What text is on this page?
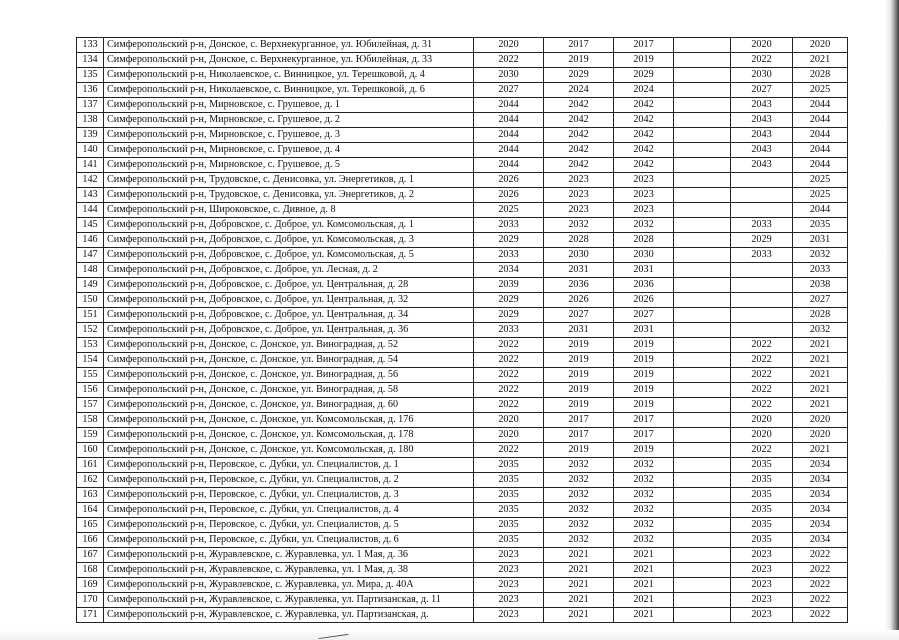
133	Симферопольский р-н, Донское, с. Верхнекурганное, ул. Юбилейная, д. 31	2020	2017	2017		2020	2020
134	Симферопольский р-н, Донское, с. Верхнекурганное, ул. Юбилейная, д. 33	2022	2019	2019		2022	2021
135	Симферопольский р-н, Николаевское, с. Винницкое, ул. Терешковой, д. 4	2030	2029	2029		2030	2028
136	Симферопольский р-н, Николаевское, с. Винницкое, ул. Терешковой, д. 6	2027	2024	2024		2027	2025
137	Симферопольский р-н, Мирновское, с. Грушевое, д. 1	2044	2042	2042		2043	2044
138	Симферопольский р-н, Мирновское, с. Грушевое, д. 2	2044	2042	2042		2043	2044
139	Симферопольский р-н, Мирновское, с. Грушевое, д. 3	2044	2042	2042		2043	2044
140	Симферопольский р-н, Мирновское, с. Грушевое, д. 4	2044	2042	2042		2043	2044
141	Симферопольский р-н, Мирновское, с. Грушевое, д. 5	2044	2042	2042		2043	2044
142	Симферопольский р-н, Трудовское, с. Денисовка, ул. Энергетиков, д. 1	2026	2023	2023			2025
143	Симферопольский р-н, Трудовское, с. Денисовка, ул. Энергетиков, д. 2	2026	2023	2023			2025
144	Симферопольский р-н, Широковское, с. Дивное, д. 8	2025	2023	2023			2044
145	Симферопольский р-н, Добровское, с. Доброе, ул. Комсомольская, д. 1	2033	2032	2032		2033	2035
146	Симферопольский р-н, Добровское, с. Доброе, ул. Комсомольская, д. 3	2029	2028	2028		2029	2031
147	Симферопольский р-н, Добровское, с. Доброе, ул. Комсомольская, д. 5	2033	2030	2030		2033	2032
148	Симферопольский р-н, Добровское, с. Доброе, ул. Лесная, д. 2	2034	2031	2031			2033
149	Симферопольский р-н, Добровское, с. Доброе, ул. Центральная, д. 28	2039	2036	2036			2038
150	Симферопольский р-н, Добровское, с. Доброе, ул. Центральная, д. 32	2029	2026	2026			2027
151	Симферопольский р-н, Добровское, с. Доброе, ул. Центральная, д. 34	2029	2027	2027			2028
152	Симферопольский р-н, Добровское, с. Доброе, ул. Центральная, д. 36	2033	2031	2031			2032
153	Симферопольский р-н, Донское, с. Донское, ул. Виноградная, д. 52	2022	2019	2019		2022	2021
154	Симферопольский р-н, Донское, с. Донское, ул. Виноградная, д. 54	2022	2019	2019		2022	2021
155	Симферопольский р-н, Донское, с. Донское, ул. Виноградная, д. 56	2022	2019	2019		2022	2021
156	Симферопольский р-н, Донское, с. Донское, ул. Виноградная, д. 58	2022	2019	2019		2022	2021
157	Симферопольский р-н, Донское, с. Донское, ул. Виноградная, д. 60	2022	2019	2019		2022	2021
158	Симферопольский р-н, Донское, с. Донское, ул. Комсомольская, д. 176	2020	2017	2017		2020	2020
159	Симферопольский р-н, Донское, с. Донское, ул. Комсомольская, д. 178	2020	2017	2017		2020	2020
160	Симферопольский р-н, Донское, с. Донское, ул. Комсомольская, д. 180	2022	2019	2019		2022	2021
161	Симферопольский р-н, Перовское, с. Дубки, ул. Специалистов, д. 1	2035	2032	2032		2035	2034
162	Симферопольский р-н, Перовское, с. Дубки, ул. Специалистов, д. 2	2035	2032	2032		2035	2034
163	Симферопольский р-н, Перовское, с. Дубки, ул. Специалистов, д. 3	2035	2032	2032		2035	2034
164	Симферопольский р-н, Перовское, с. Дубки, ул. Специалистов, д. 4	2035	2032	2032		2035	2034
165	Симферопольский р-н, Перовское, с. Дубки, ул. Специалистов, д. 5	2035	2032	2032		2035	2034
166	Симферопольский р-н, Перовское, с. Дубки, ул. Специалистов, д. 6	2035	2032	2032		2035	2034
167	Симферопольский р-н, Журавлевское, с. Журавлевка, ул. 1 Мая, д. 36	2023	2021	2021		2023	2022
168	Симферопольский р-н, Журавлевское, с. Журавлевка, ул. 1 Мая, д. 38	2023	2021	2021		2023	2022
169	Симферопольский р-н, Журавлевское, с. Журавлевка, ул. Мира, д. 40А	2023	2021	2021		2023	2022
170	Симферопольский р-н, Журавлевское, с. Журавлевка, ул. Партизанская, д. 11	2023	2021	2021		2023	2022
171	Симферопольский р-н, Журавлевское, с. Журавлевка, ул. Партизанская, д.	2023	2021	2021		2023	2022
